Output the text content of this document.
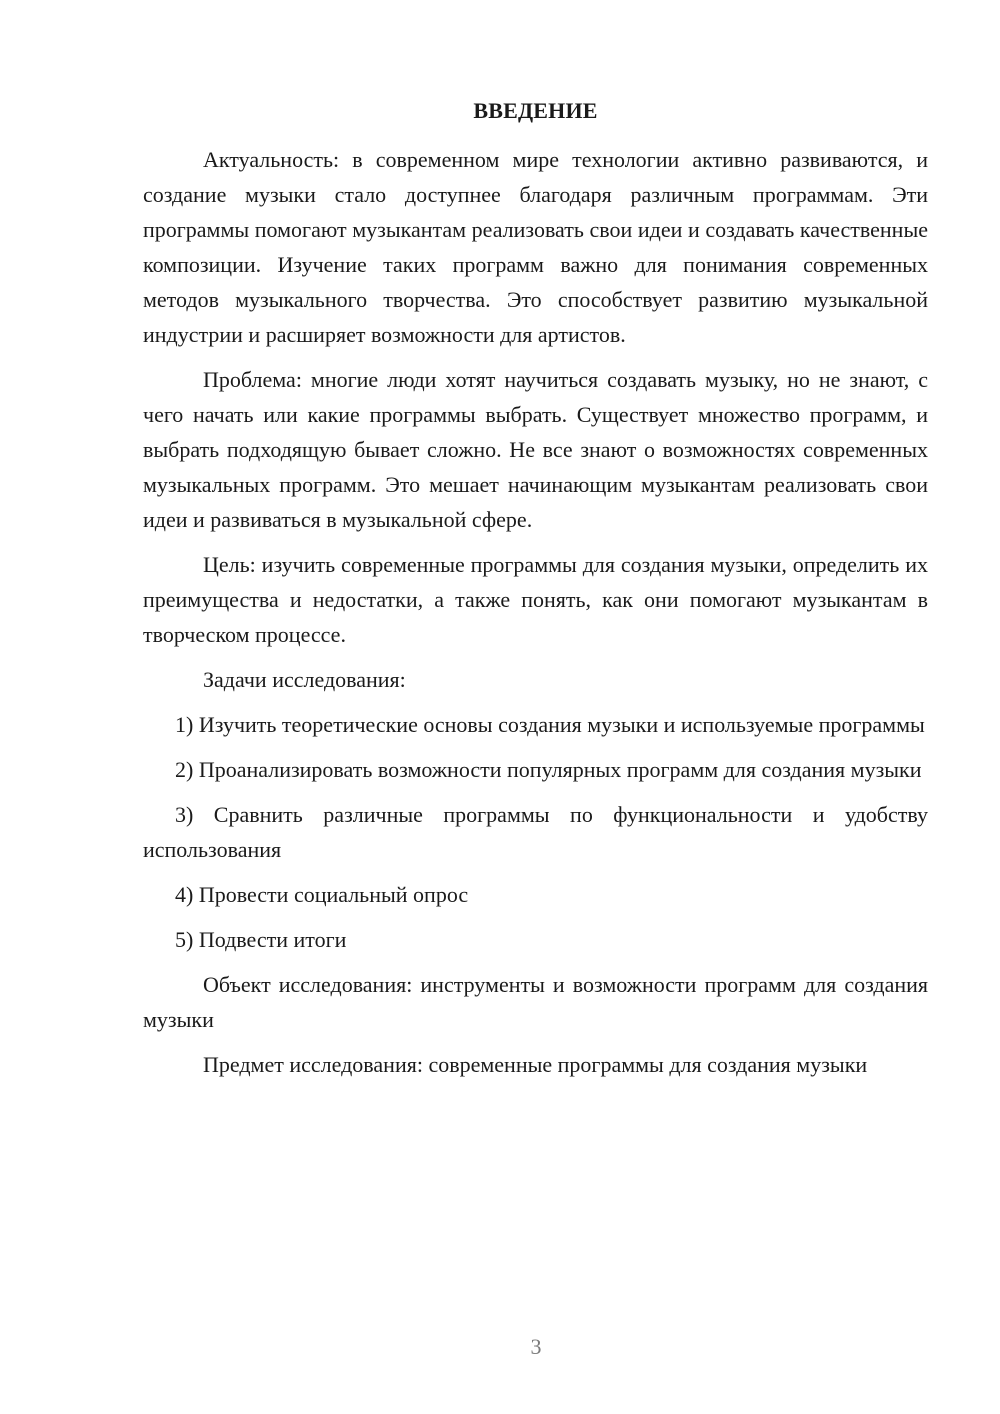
ВВЕДЕНИЕ

Актуальность: в современном мире технологии активно развиваются, и создание музыки стало доступнее благодаря различным программам. Эти программы помогают музыкантам реализовать свои идеи и создавать качественные композиции. Изучение таких программ важно для понимания современных методов музыкального творчества. Это способствует развитию музыкальной индустрии и расширяет возможности для артистов.

Проблема: многие люди хотят научиться создавать музыку, но не знают, с чего начать или какие программы выбрать. Существует множество программ, и выбрать подходящую бывает сложно. Не все знают о возможностях современных музыкальных программ. Это мешает начинающим музыкантам реализовать свои идеи и развиваться в музыкальной сфере.

Цель: изучить современные программы для создания музыки, определить их преимущества и недостатки, а также понять, как они помогают музыкантам в творческом процессе.

Задачи исследования:

1) Изучить теоретические основы создания музыки и используемые программы

2) Проанализировать возможности популярных программ для создания музыки

3) Сравнить различные программы по функциональности и удобству использования

4) Провести социальный опрос

5) Подвести итоги

Объект исследования: инструменты и возможности программ для создания музыки

Предмет исследования: современные программы для создания музыки

3
